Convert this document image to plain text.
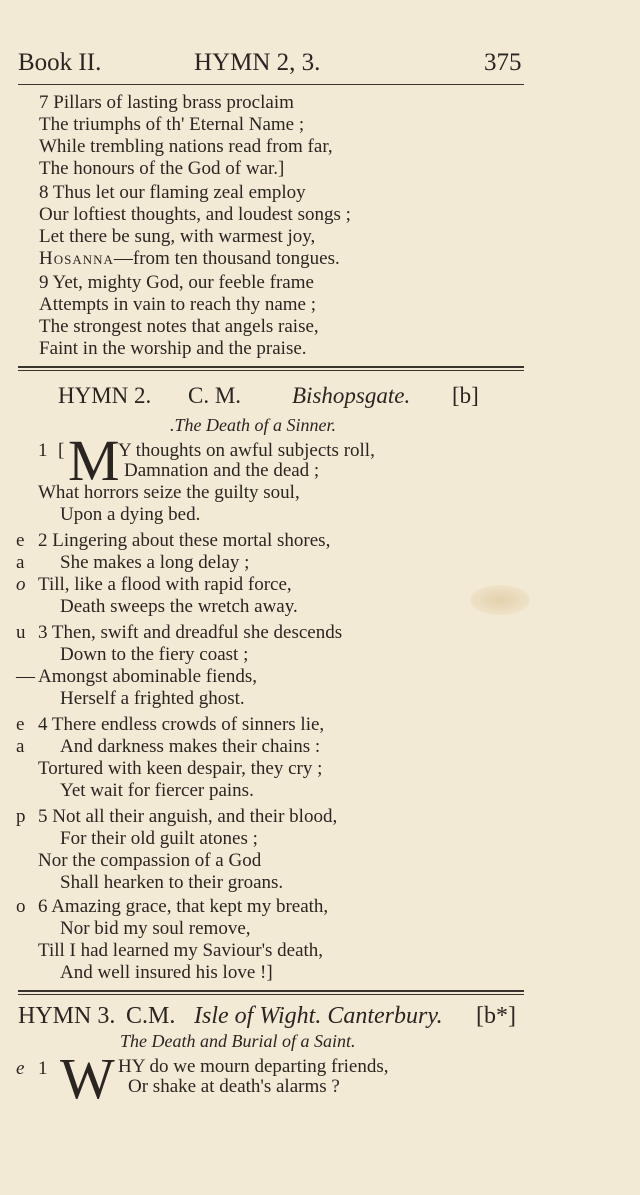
Book II.	HYMN 2, 3.	375
7 Pillars of lasting brass proclaim
The triumphs of th' Eternal Name ;
While trembling nations read from far,
The honours of the God of war.]
8 Thus let our flaming zeal employ
Our loftiest thoughts, and loudest songs ;
Let there be sung, with warmest joy,
Hosanna—from ten thousand tongues.
9 Yet, mighty God, our feeble frame
Attempts in vain to reach thy name ;
The strongest notes that angels raise,
Faint in the worship and the praise.
HYMN 2. C. M. Bishopsgate. [b]
.The Death of a Sinner.
1 [ M
Y thoughts on awful subjects roll,
Damnation and the dead ;
What horrors seize the guilty soul,
Upon a dying bed.
e 2 Lingering about these mortal shores,
a She makes a long delay ;
o Till, like a flood with rapid force,
Death sweeps the wretch away.
u 3 Then, swift and dreadful she descends
Down to the fiery coast ;
— Amongst abominable fiends,
Herself a frighted ghost.
e 4 There endless crowds of sinners lie,
a And darkness makes their chains :
Tortured with keen despair, they cry ;
Yet wait for fiercer pains.
p 5 Not all their anguish, and their blood,
For their old guilt atones ;
Nor the compassion of a God
Shall hearken to their groans.
o 6 Amazing grace, that kept my breath,
Nor bid my soul remove,
Till I had learned my Saviour's death,
And well insured his love !]
HYMN 3. C.M. Isle of Wight. Canterbury. [b*]
The Death and Burial of a Saint.
e 1 W HY do we mourn departing friends,
Or shake at death's alarms ?
